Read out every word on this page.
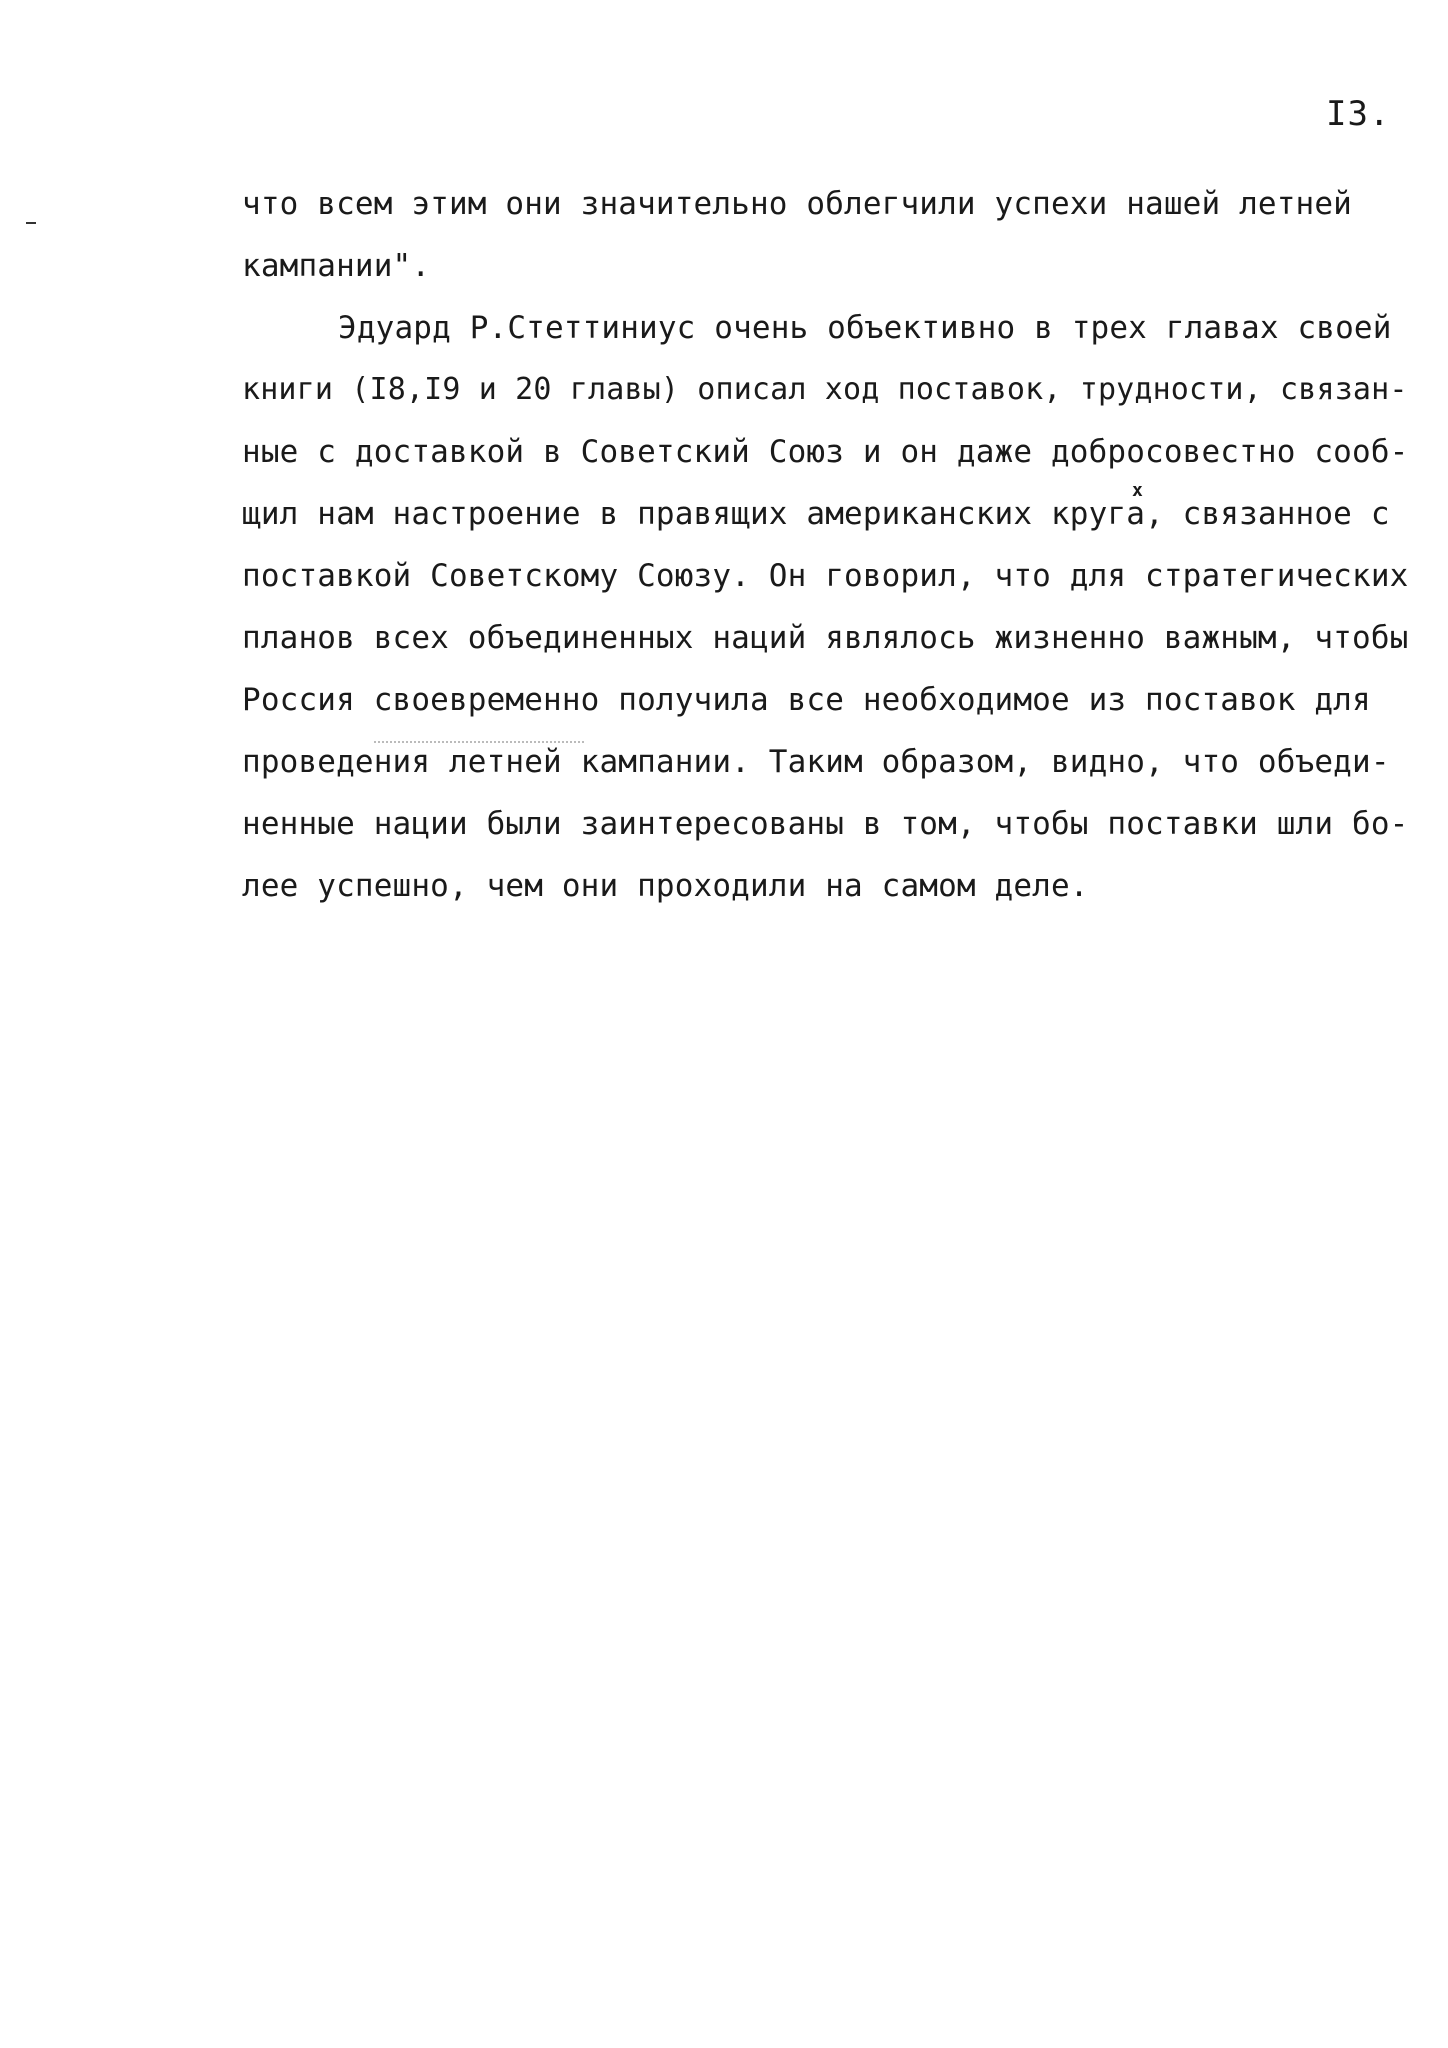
I3.
что всем этим они значительно облегчили успехи нашей летней
кампании".
Эдуард Р.Стеттиниус очень объективно в трех главах своей
книги (I8,I9 и 20 главы) описал ход поставок, трудности, связан-
ные с доставкой в Советский Союз и он даже добросовестно сооб-
щил нам настроение в правящих американских круга, связанное с
поставкой Советскому Союзу. Он говорил, что для стратегических
планов всех объединенных наций являлось жизненно важным, чтобы
Россия своевременно получила все необходимое из поставок для
проведения летней кампании. Таким образом, видно, что объеди-
ненные нации были заинтересованы в том, чтобы поставки шли бо-
лее успешно, чем они проходили на самом деле.
x
